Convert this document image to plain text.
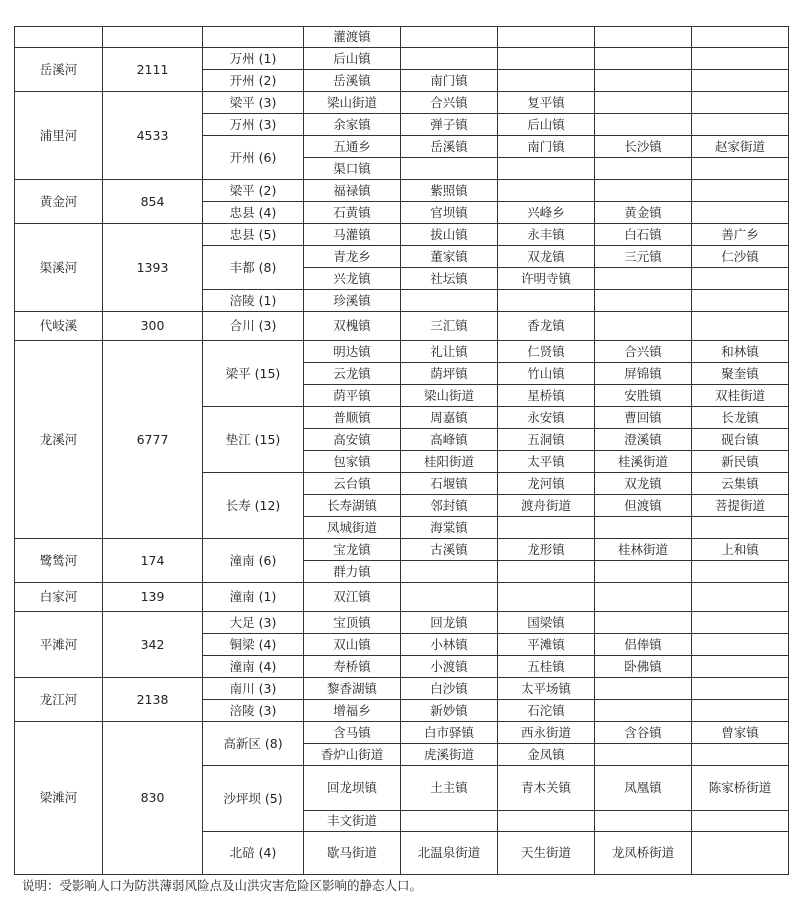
			灌渡镇				
岳溪河	2111	万州 (1)	后山镇				
		开州 (2)	岳溪镇	南门镇			
浦里河	4533	梁平 (3)	梁山街道	合兴镇	复平镇		
		万州 (3)	余家镇	弹子镇	后山镇		
		开州 (6)	五通乡	岳溪镇	南门镇	长沙镇	赵家街道
			渠口镇				
黄金河	854	梁平 (2)	福禄镇	紫照镇			
		忠县 (4)	石黄镇	官坝镇	兴峰乡	黄金镇	
渠溪河	1393	忠县 (5)	马灌镇	拔山镇	永丰镇	白石镇	善广乡
		丰都 (8)	青龙乡	董家镇	双龙镇	三元镇	仁沙镇
			兴龙镇	社坛镇	许明寺镇		
		涪陵 (1)	珍溪镇				
代岐溪	300	合川 (3)	双槐镇	三汇镇	香龙镇		
龙溪河	6777	梁平 (15)	明达镇	礼让镇	仁贤镇	合兴镇	和林镇
			云龙镇	荫坪镇	竹山镇	屏锦镇	聚奎镇
			荫平镇	梁山街道	星桥镇	安胜镇	双桂街道
		垫江 (15)	普顺镇	周嘉镇	永安镇	曹回镇	长龙镇
			高安镇	高峰镇	五洞镇	澄溪镇	砚台镇
			包家镇	桂阳街道	太平镇	桂溪街道	新民镇
		长寿 (12)	云台镇	石堰镇	龙河镇	双龙镇	云集镇
			长寿湖镇	邻封镇	渡舟街道	但渡镇	菩提街道
			凤城街道	海棠镇			
鹭鸶河	174	潼南 (6)	宝龙镇	古溪镇	龙形镇	桂林街道	上和镇
			群力镇				
白家河	139	潼南 (1)	双江镇				
平滩河	342	大足 (3)	宝顶镇	回龙镇	国梁镇		
		铜梁 (4)	双山镇	小林镇	平滩镇	侣俸镇	
		潼南 (4)	寿桥镇	小渡镇	五桂镇	卧佛镇	
龙江河	2138	南川 (3)	黎香湖镇	白沙镇	太平场镇		
		涪陵 (3)	增福乡	新妙镇	石沱镇		
梁滩河	830	高新区 (8)	含马镇	白市驿镇	西永街道	含谷镇	曾家镇
			香炉山街道	虎溪街道	金凤镇		
		沙坪坝 (5)	回龙坝镇	土主镇	青木关镇	凤凰镇	陈家桥街道
			丰文街道				
		北碚 (4)	歇马街道	北温泉街道	天生街道	龙凤桥街道	
说明：受影响人口为防洪薄弱风险点及山洪灾害危险区影响的静态人口。
